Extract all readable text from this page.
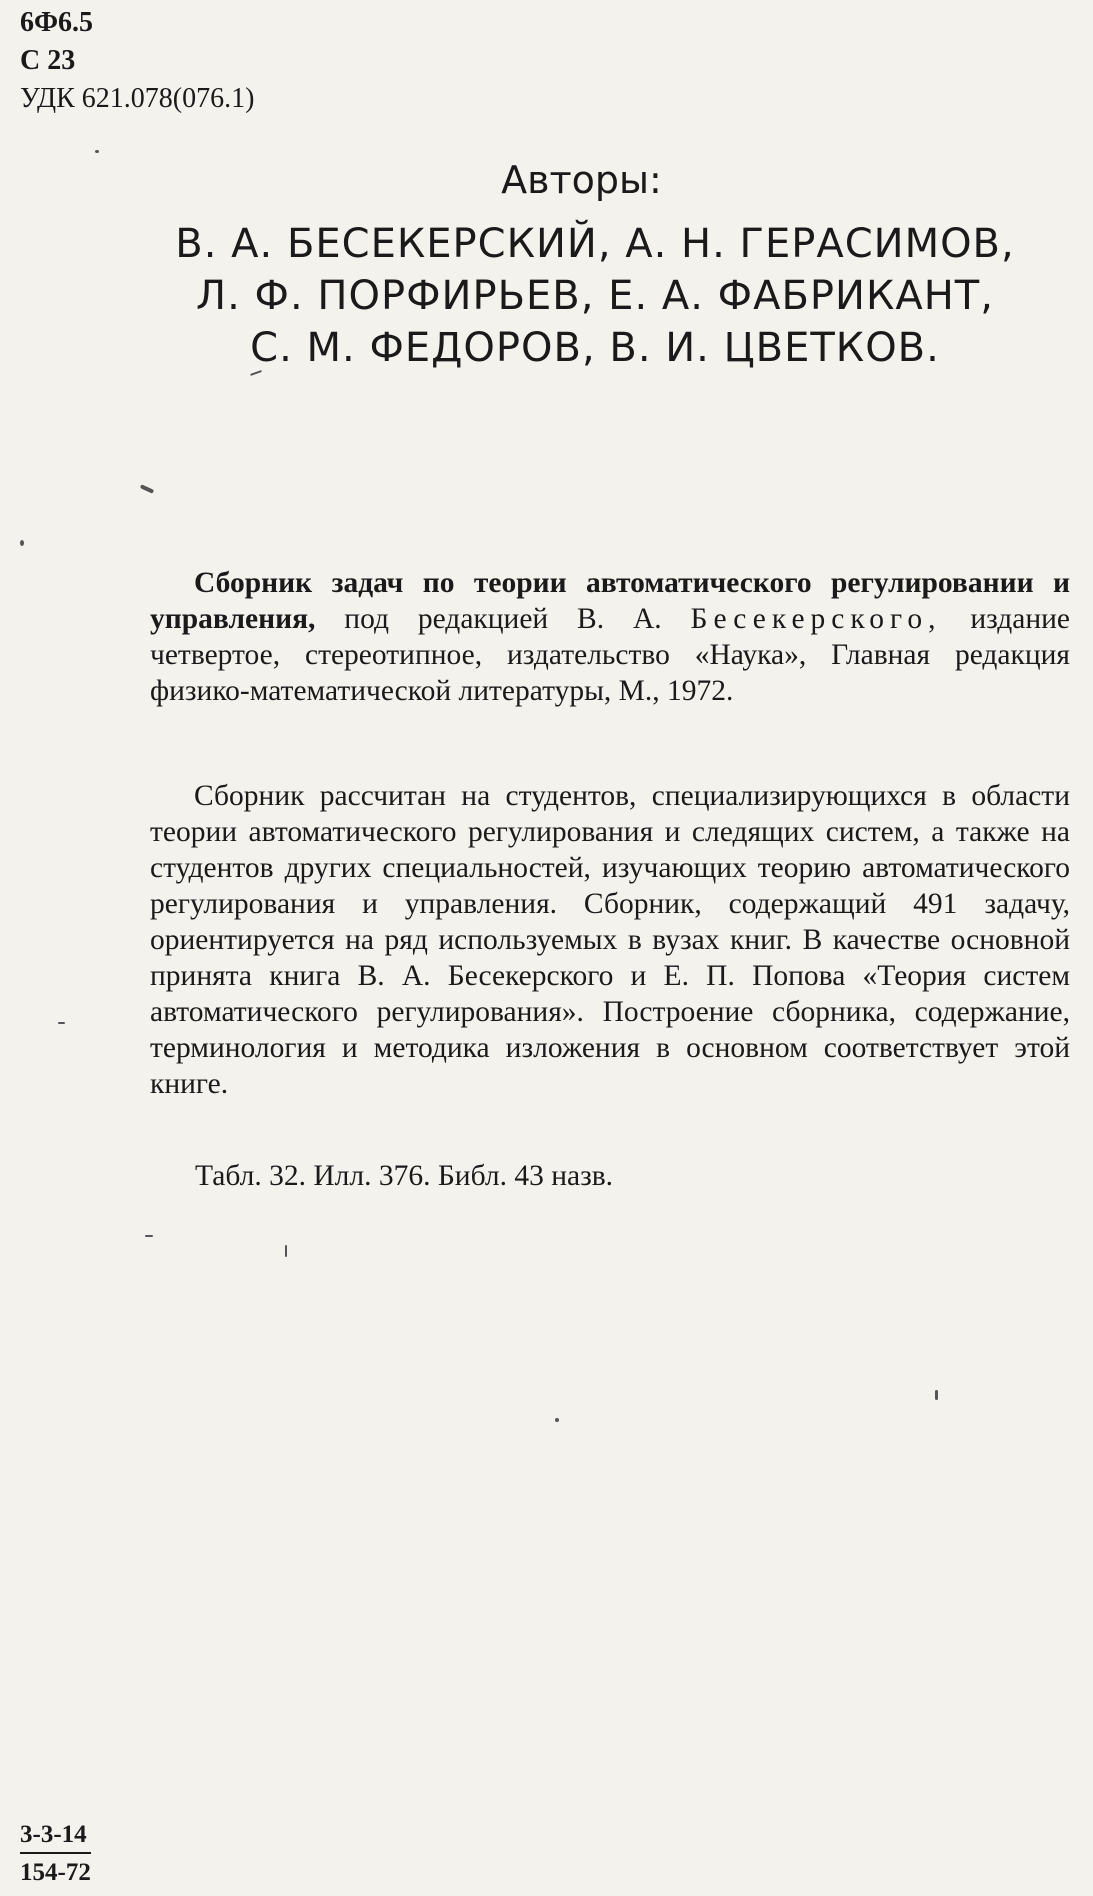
6Ф6.5
С 23
УДК 621.078(076.1)
Авторы:
В. А. БЕСЕКЕРСКИЙ, А. Н. ГЕРАСИМОВ,
Л. Ф. ПОРФИРЬЕВ, Е. А. ФАБРИКАНТ,
С. М. ФЕДОРОВ, В. И. ЦВЕТКОВ.
Сборник задач по теории автоматического регулировании и управления, под редакцией В. А. Бесекерского, издание четвертое, стереотипное, издательство «Наука», Главная редакция физико-математической литературы, М., 1972.
Сборник рассчитан на студентов, специализирующихся в области теории автоматического регулирования и следящих систем, а также на студентов других специальностей, изучающих теорию автоматического регулирования и управления. Сборник, содержащий 491 задачу, ориентируется на ряд используемых в вузах книг. В качестве основной принята книга В. А. Бесекерского и Е. П. Попова «Теория систем автоматического регулирования». Построение сборника, содержание, терминология и методика изложения в основном соответствует этой книге.
Табл. 32. Илл. 376. Библ. 43 назв.
3-3-14
154-72
